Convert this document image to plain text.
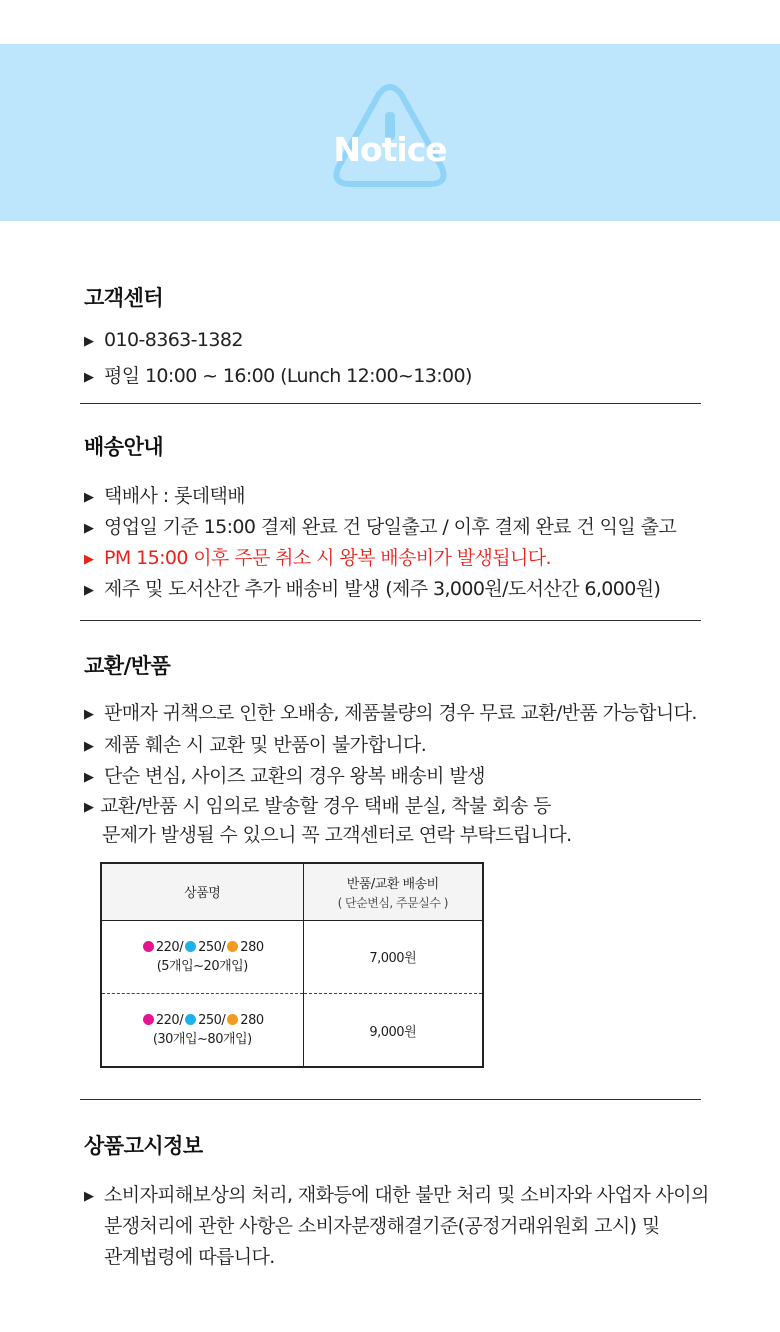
Notice
고객센터
▶ 010-8363-1382
▶ 평일 10:00 ~ 16:00 (Lunch 12:00~13:00)
배송안내
▶ 택배사 : 롯데택배
▶ 영업일 기준 15:00 결제 완료 건 당일출고 / 이후 결제 완료 건 익일 출고
▶ PM 15:00 이후 주문 취소 시 왕복 배송비가 발생됩니다.
▶ 제주 및 도서산간 추가 배송비 발생 (제주 3,000원/도서산간 6,000원)
교환/반품
▶ 판매자 귀책으로 인한 오배송, 제품불량의 경우 무료 교환/반품 가능합니다.
▶ 제품 훼손 시 교환 및 반품이 불가합니다.
▶ 단순 변심, 사이즈 교환의 경우 왕복 배송비 발생
▶ 교환/반품 시 임의로 발송할 경우 택배 분실, 착불 회송 등
문제가 발생될 수 있으니 꼭 고객센터로 연락 부탁드립니다.
상품명	반품/교환 배송비
( 단순변심, 주문실수 )

220/ 250/ 280
(5개입~20개입)	7,000원

220/ 250/ 280
(30개입~80개입)	9,000원
상품고시정보
▶ 소비자피해보상의 처리, 재화등에 대한 불만 처리 및 소비자와 사업자 사이의
분쟁처리에 관한 사항은 소비자분쟁해결기준(공정거래위원회 고시) 및
관계법령에 따릅니다.
